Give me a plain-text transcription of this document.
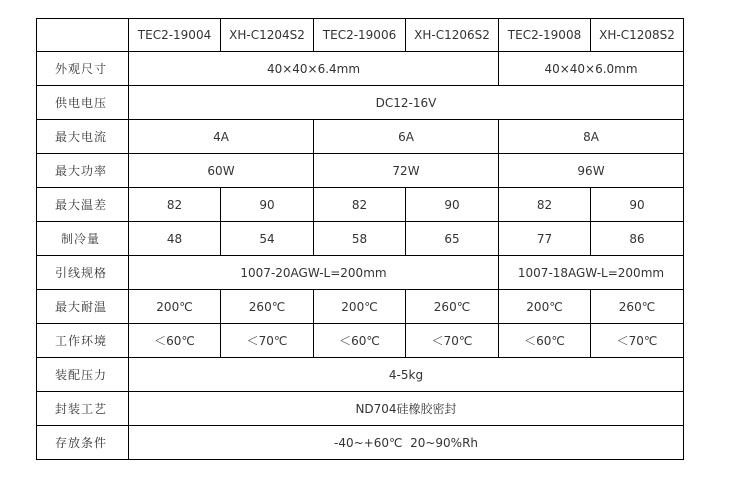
	TEC2-19004	XH-C1204S2	TEC2-19006	XH-C1206S2	TEC2-19008	XH-C1208S2
外观尺寸	40×40×6.4mm				40×40×6.0mm	
供电电压	DC12-16V					
最大电流	4A		6A		8A	
最大功率	60W		72W		96W	
最大温差	82	90	82	90	82	90
制冷量	48	54	58	65	77	86
引线规格	1007-20AGW-L=200mm				1007-18AGW-L=200mm	
最大耐温	200℃	260℃	200℃	260℃	200℃	260℃
工作环境	＜60℃	＜70℃	＜60℃	＜70℃	＜60℃	＜70℃
装配压力	4-5kg					
封装工艺	ND704硅橡胶密封					
存放条件	-40~+60℃  20~90%Rh					
